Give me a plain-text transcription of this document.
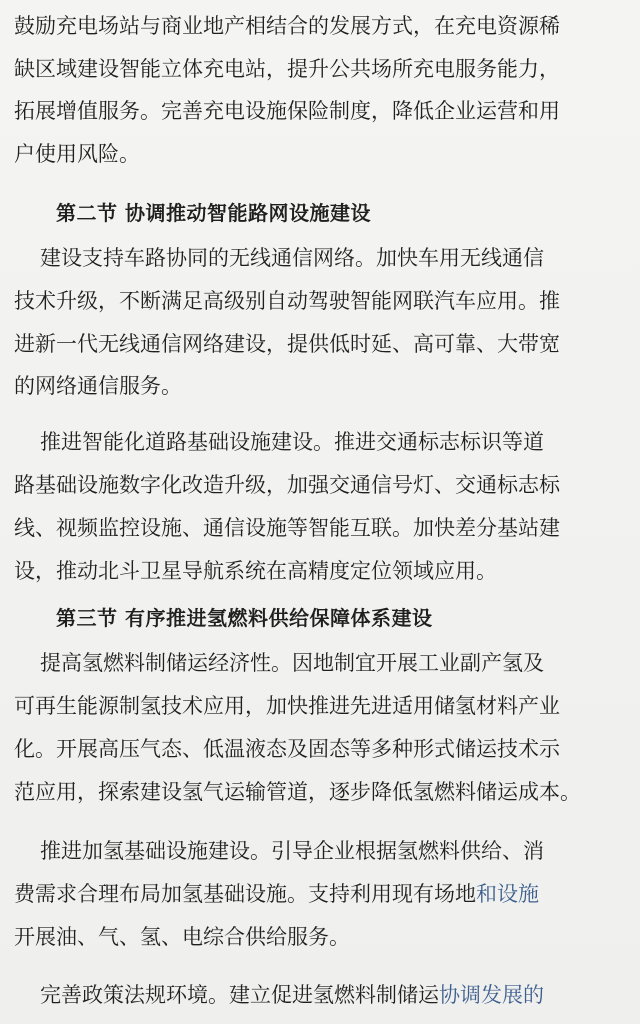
鼓励充电场站与商业地产相结合的发展方式，在充电资源稀
缺区域建设智能立体充电站，提升公共场所充电服务能力，
拓展增值服务。完善充电设施保险制度，降低企业运营和用
户使用风险。
第二节 协调推动智能路网设施建设
建设支持车路协同的无线通信网络。加快车用无线通信
技术升级，不断满足高级别自动驾驶智能网联汽车应用。推
进新一代无线通信网络建设，提供低时延、高可靠、大带宽
的网络通信服务。
推进智能化道路基础设施建设。推进交通标志标识等道
路基础设施数字化改造升级，加强交通信号灯、交通标志标
线、视频监控设施、通信设施等智能互联。加快差分基站建
设，推动北斗卫星导航系统在高精度定位领域应用。
第三节 有序推进氢燃料供给保障体系建设
提高氢燃料制储运经济性。因地制宜开展工业副产氢及
可再生能源制氢技术应用，加快推进先进适用储氢材料产业
化。开展高压气态、低温液态及固态等多种形式储运技术示
范应用，探索建设氢气运输管道，逐步降低氢燃料储运成本。
推进加氢基础设施建设。引导企业根据氢燃料供给、消
费需求合理布局加氢基础设施。支持利用现有场地和设施
开展油、气、氢、电综合供给服务。
完善政策法规环境。建立促进氢燃料制储运协调发展的
